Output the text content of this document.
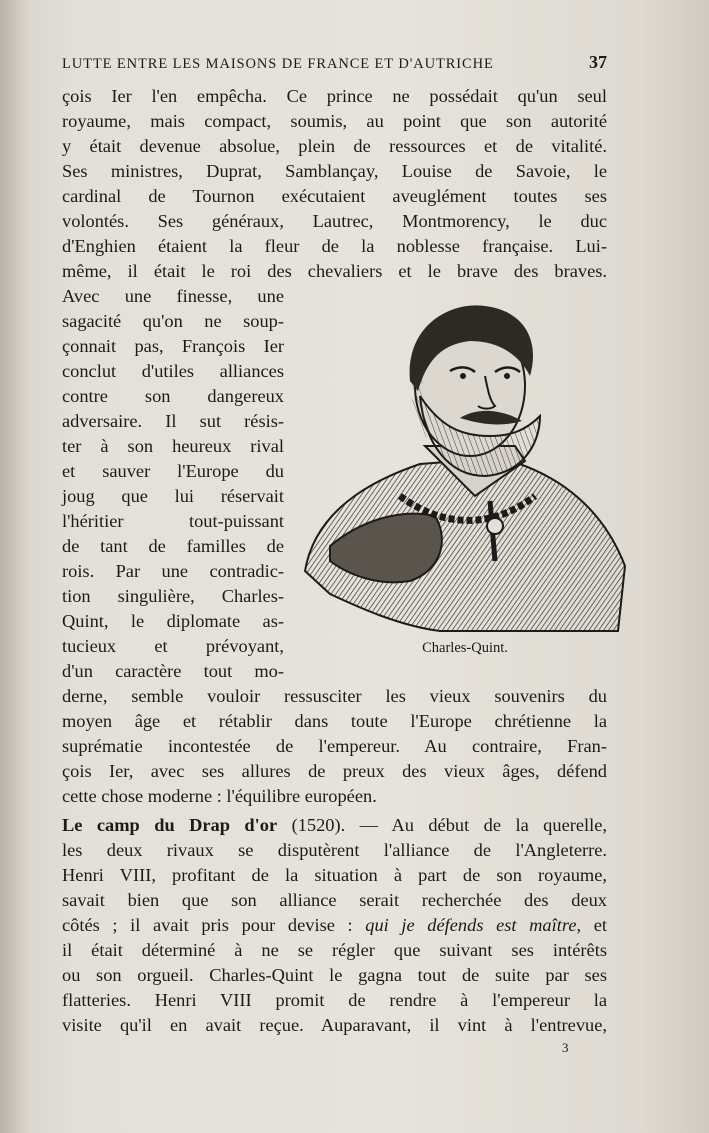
LUTTE ENTRE LES MAISONS DE FRANCE ET D'AUTRICHE	37
çois Ier l'en empêcha. Ce prince ne possédait qu'un seul
royaume, mais compact, soumis, au point que son autorité
y était devenue absolue, plein de ressources et de vitalité.
Ses ministres, Duprat, Samblançay, Louise de Savoie, le
cardinal de Tournon exécutaient aveuglément toutes ses
volontés. Ses généraux, Lautrec, Montmorency, le duc
d'Enghien étaient la fleur de la noblesse française. Lui-
même, il était le roi des chevaliers et le brave des braves.
Avec une finesse, une
sagacité qu'on ne soup-
çonnait pas, François Ier
conclut d'utiles alliances
contre son dangereux
adversaire. Il sut résis-
ter à son heureux rival
et sauver l'Europe du
joug que lui réservait
l'héritier tout-puissant
de tant de familles de
rois. Par une contradic-
tion singulière, Charles-
Quint, le diplomate as-
tucieux et prévoyant,
d'un caractère tout mo-
derne, semble vouloir ressusciter les vieux souvenirs du
moyen âge et rétablir dans toute l'Europe chrétienne la
suprématie incontestée de l'empereur. Au contraire, Fran-
çois Ier, avec ses allures de preux des vieux âges, défend
cette chose moderne : l'équilibre européen.
Le camp du Drap d'or (1520). — Au début de la querelle,
les deux rivaux se disputèrent l'alliance de l'Angleterre.
Henri VIII, profitant de la situation à part de son royaume,
savait bien que son alliance serait recherchée des deux
côtés ; il avait pris pour devise : qui je défends est maître, et
il était déterminé à ne se régler que suivant ses intérêts
ou son orgueil. Charles-Quint le gagna tout de suite par ses
flatteries. Henri VIII promit de rendre à l'empereur la
visite qu'il en avait reçue. Auparavant, il vint à l'entrevue,
Charles-Quint.
3
